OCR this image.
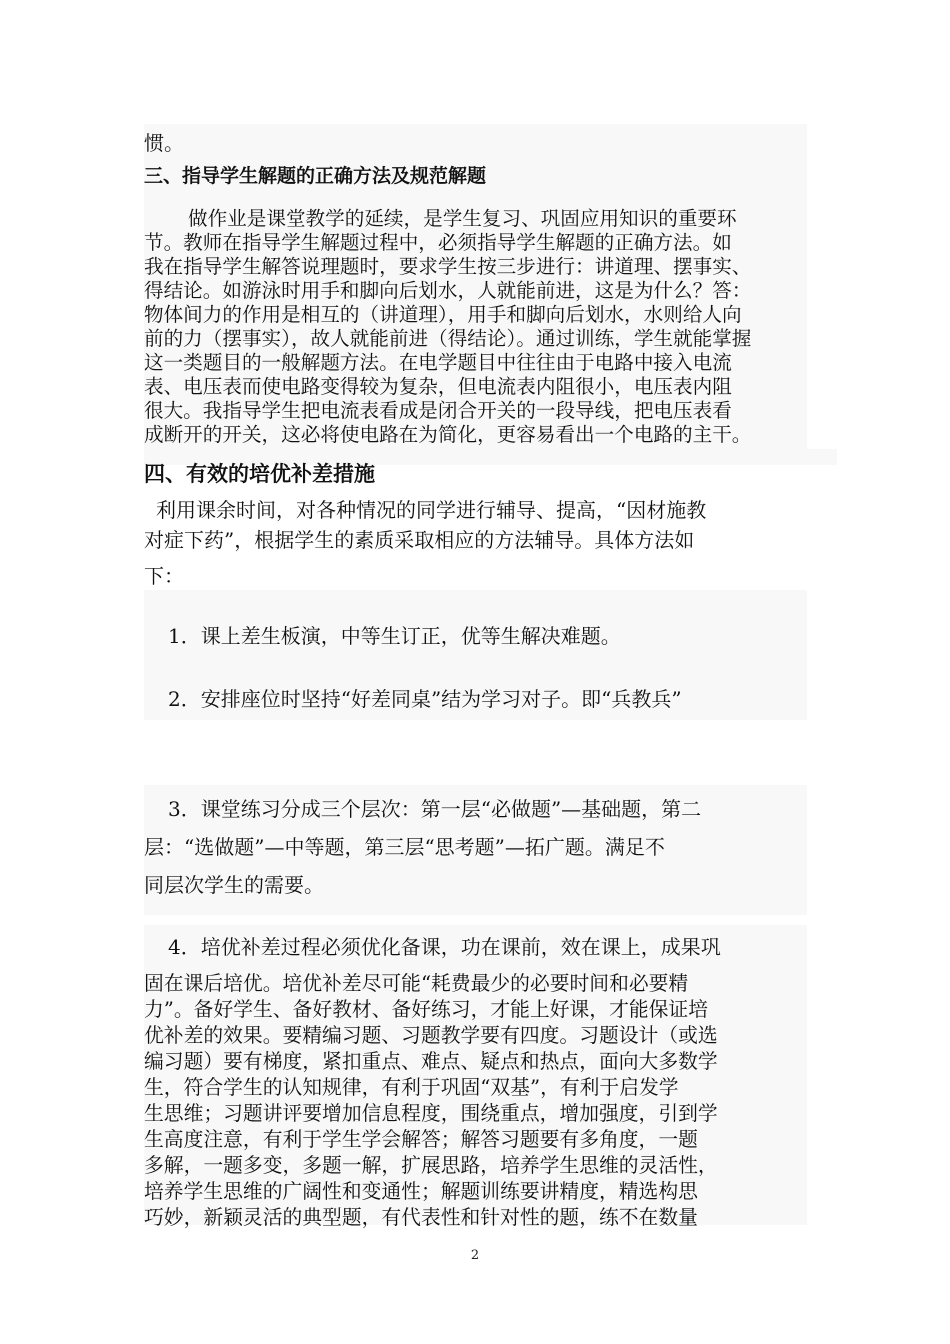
惯。
三、指导学生解题的正确方法及规范解题
做作业是课堂教学的延续，是学生复习、巩固应用知识的重要环
节。教师在指导学生解题过程中，必须指导学生解题的正确方法。如
我在指导学生解答说理题时，要求学生按三步进行：讲道理、摆事实、
得结论。如游泳时用手和脚向后划水，人就能前进，这是为什么？答：
物体间力的作用是相互的（讲道理），用手和脚向后划水，水则给人向
前的力（摆事实），故人就能前进（得结论）。通过训练，学生就能掌握
这一类题目的一般解题方法。在电学题目中往往由于电路中接入电流
表、电压表而使电路变得较为复杂，但电流表内阻很小，电压表内阻
很大。我指导学生把电流表看成是闭合开关的一段导线，把电压表看
成断开的开关，这必将使电路在为简化，更容易看出一个电路的主干。
四、有效的培优补差措施
利用课余时间，对各种情况的同学进行辅导、提高，“因材施教
对症下药”，根据学生的素质采取相应的方法辅导。具体方法如
下：
1．课上差生板演，中等生订正，优等生解决难题。
2．安排座位时坚持“好差同桌”结为学习对子。即“兵教兵”
3．课堂练习分成三个层次：第一层“必做题”—基础题，第二
层：“选做题”—中等题，第三层“思考题”—拓广题。满足不
同层次学生的需要。
4．培优补差过程必须优化备课，功在课前，效在课上，成果巩
固在课后培优。培优补差尽可能“耗费最少的必要时间和必要精
力”。备好学生、备好教材、备好练习，才能上好课，才能保证培
优补差的效果。要精编习题、习题教学要有四度。习题设计（或选
编习题）要有梯度，紧扣重点、难点、疑点和热点，面向大多数学
生，符合学生的认知规律，有利于巩固“双基”，有利于启发学
生思维；习题讲评要增加信息程度，围绕重点，增加强度，引到学
生高度注意，有利于学生学会解答；解答习题要有多角度，一题
多解，一题多变，多题一解，扩展思路，培养学生思维的灵活性，
培养学生思维的广阔性和变通性；解题训练要讲精度，精选构思
巧妙，新颖灵活的典型题，有代表性和针对性的题，练不在数量
2
